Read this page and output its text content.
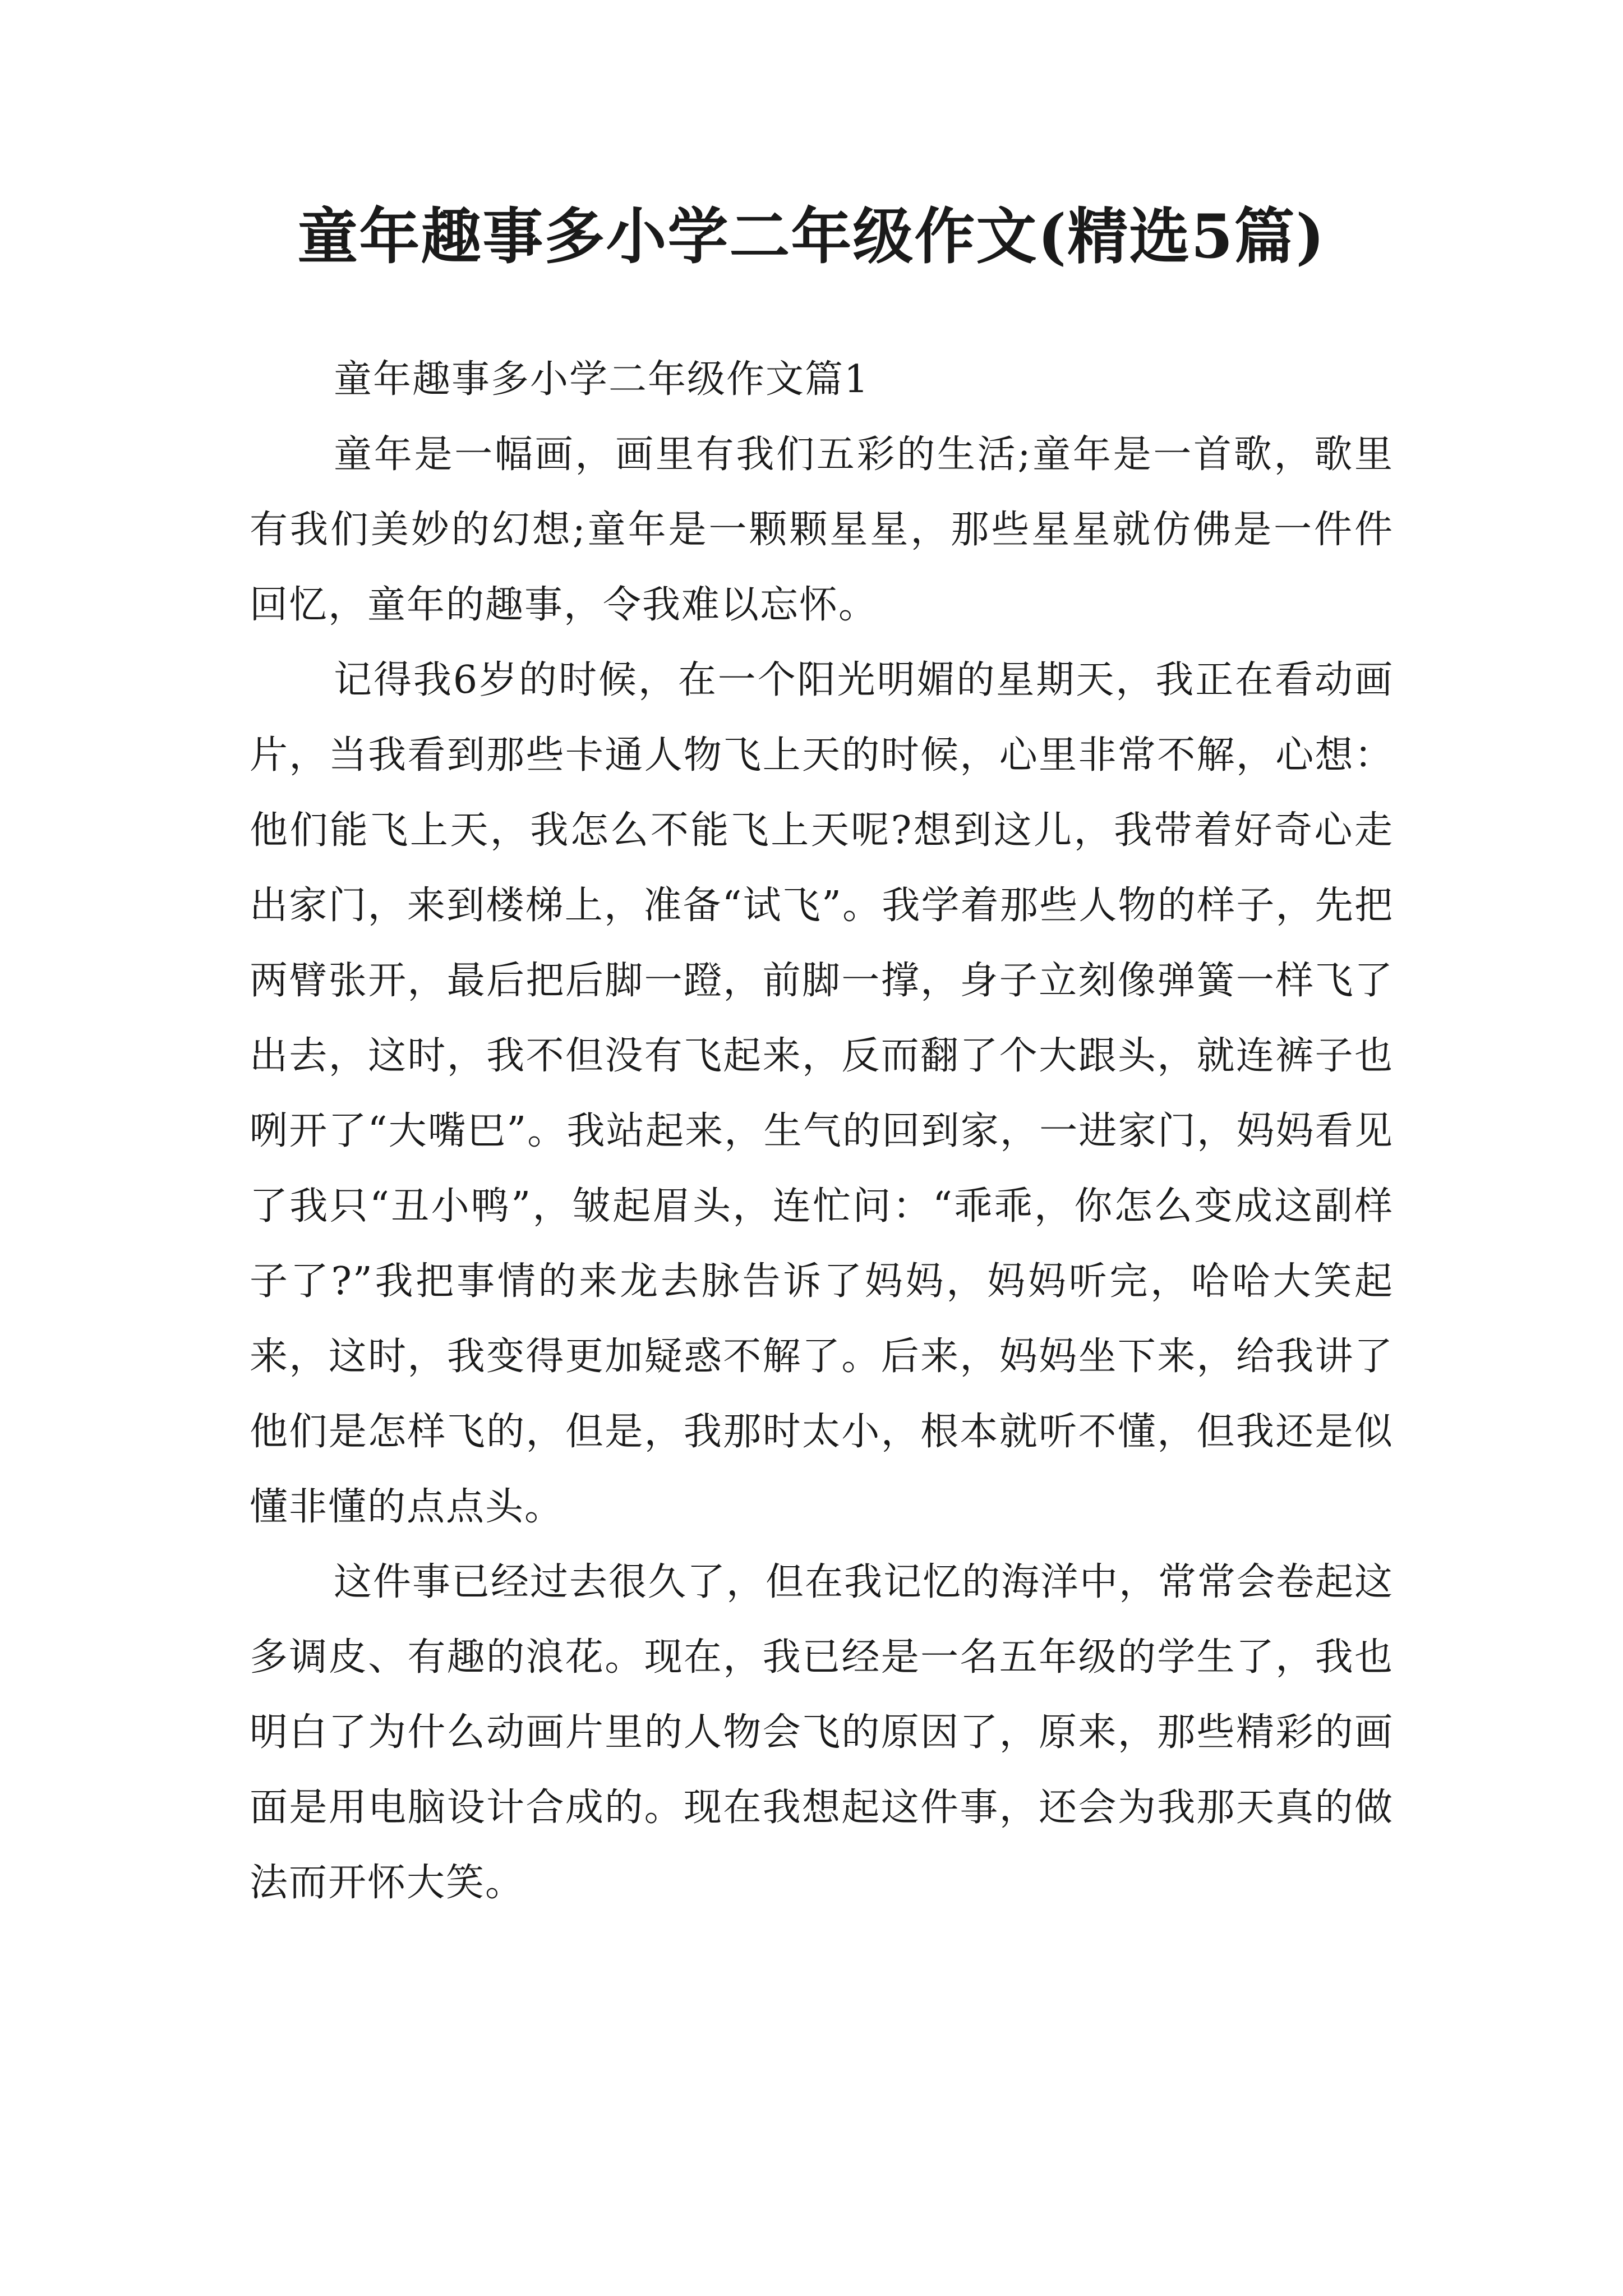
童年趣事多小学二年级作文(精选5篇)

童年趣事多小学二年级作文篇1

童年是一幅画，画里有我们五彩的生活;童年是一首歌，歌里有我们美妙的幻想;童年是一颗颗星星，那些星星就仿佛是一件件回忆，童年的趣事，令我难以忘怀。

记得我6岁的时候，在一个阳光明媚的星期天，我正在看动画片，当我看到那些卡通人物飞上天的时候，心里非常不解，心想：他们能飞上天，我怎么不能飞上天呢?想到这儿，我带着好奇心走出家门，来到楼梯上，准备“试飞”。我学着那些人物的样子，先把两臂张开，最后把后脚一蹬，前脚一撑，身子立刻像弹簧一样飞了出去，这时，我不但没有飞起来，反而翻了个大跟头，就连裤子也咧开了“大嘴巴”。我站起来，生气的回到家，一进家门，妈妈看见了我只“丑小鸭”，皱起眉头，连忙问：“乖乖，你怎么变成这副样子了?”我把事情的来龙去脉告诉了妈妈，妈妈听完，哈哈大笑起来，这时，我变得更加疑惑不解了。后来，妈妈坐下来，给我讲了他们是怎样飞的，但是，我那时太小，根本就听不懂，但我还是似懂非懂的点点头。

这件事已经过去很久了，但在我记忆的海洋中，常常会卷起这多调皮、有趣的浪花。现在，我已经是一名五年级的学生了，我也明白了为什么动画片里的人物会飞的原因了，原来，那些精彩的画面是用电脑设计合成的。现在我想起这件事，还会为我那天真的做法而开怀大笑。
